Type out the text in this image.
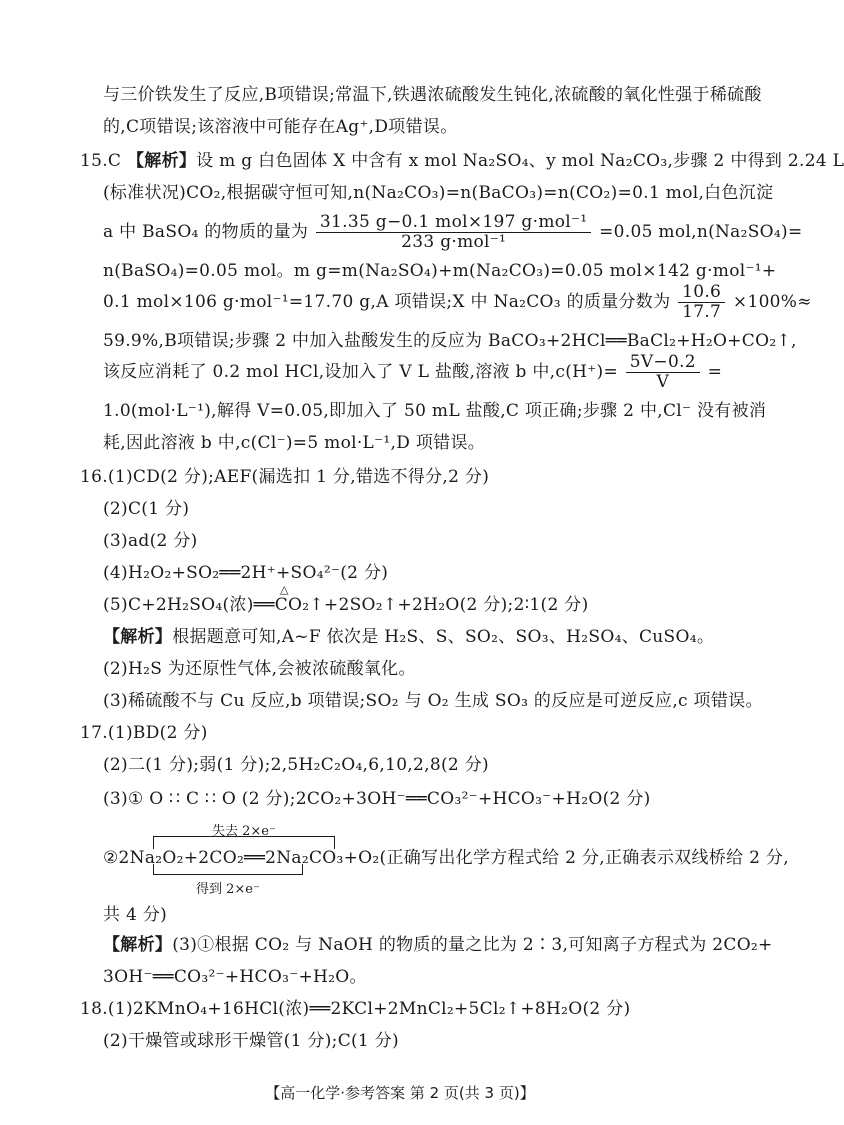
与三价铁发生了反应,B项错误;常温下,铁遇浓硫酸发生钝化,浓硫酸的氧化性强于稀硫酸
的,C项错误;该溶液中可能存在Ag⁺,D项错误。
15.C 【解析】设 m g 白色固体 X 中含有 x mol Na₂SO₄、y mol Na₂CO₃,步骤 2 中得到 2.24 L
(标准状况)CO₂,根据碳守恒可知,n(Na₂CO₃)=n(BaCO₃)=n(CO₂)=0.1 mol,白色沉淀
a 中 BaSO₄ 的物质的量为 $\frac{\text{31.35 g−0.1 mol×197 g·mol⁻¹}}{\text{233 g·mol⁻¹}} =0.05$ mol,n(Na₂SO₄)=
n(BaSO₄)=0.05 mol。m g=m(Na₂SO₄)+m(Na₂CO₃)=0.05 mol×142 g·mol⁻¹+
0.1 mol×106 g·mol⁻¹=17.70 g,A 项错误;X 中 Na₂CO₃ 的质量分数为 $\frac{10.6}{17.7} \times 100\%\approx$
59.9%,B项错误;步骤 2 中加入盐酸发生的反应为 BaCO₃+2HCl══BaCl₂+H₂O+CO₂↑,
该反应消耗了 0.2 mol HCl,设加入了 V L 盐酸,溶液 b 中$,c(H^+)= \frac{5V-0.2}{V}$ =
1.0(mol·L⁻¹),解得 V=0.05,即加入了 50 mL 盐酸,C 项正确;步骤 2 中,Cl⁻ 没有被消
耗,因此溶液 b 中,c(Cl⁻)=5 mol·L⁻¹,D 项错误。
16.(1)CD(2 分);AEF(漏选扣 1 分,错选不得分,2 分)
(2)C(1 分)
(3)ad(2 分)
(4)H₂O₂+SO₂══2H⁺+SO₄²⁻(2 分)
(5)C+2H₂SO₄(浓)══CO₂↑+2SO₂↑+2H₂O(2 分);2∶1(2 分)
△
【解析】根据题意可知,A~F 依次是 H₂S、S、SO₂、SO₃、H₂SO₄、CuSO₄。
(2)H₂S 为还原性气体,会被浓硫酸氧化。
(3)稀硫酸不与 Cu 反应,b 项错误;SO₂ 与 O₂ 生成 SO₃ 的反应是可逆反应,c 项错误。
17.(1)BD(2 分)
(2)二(1 分);弱(1 分);2,5H₂C₂O₄,6,10,2,8(2 分)
(3)① O ∷ C ∷ O (2 分);2CO₂+3OH⁻══CO₃²⁻+HCO₃⁻+H₂O(2 分)
失去 2×e⁻
得到 2×e⁻
②2Na₂O₂+2CO₂══2Na₂CO₃+O₂(正确写出化学方程式给 2 分,正确表示双线桥给 2 分,
共 4 分)
【解析】(3)①根据 CO₂ 与 NaOH 的物质的量之比为 2∶3,可知离子方程式为 2CO₂+
3OH⁻══CO₃²⁻+HCO₃⁻+H₂O。
18.(1)2KMnO₄+16HCl(浓)══2KCl+2MnCl₂+5Cl₂↑+8H₂O(2 分)
(2)干燥管或球形干燥管(1 分);C(1 分)
【高一化学·参考答案 第 2 页(共 3 页)】
